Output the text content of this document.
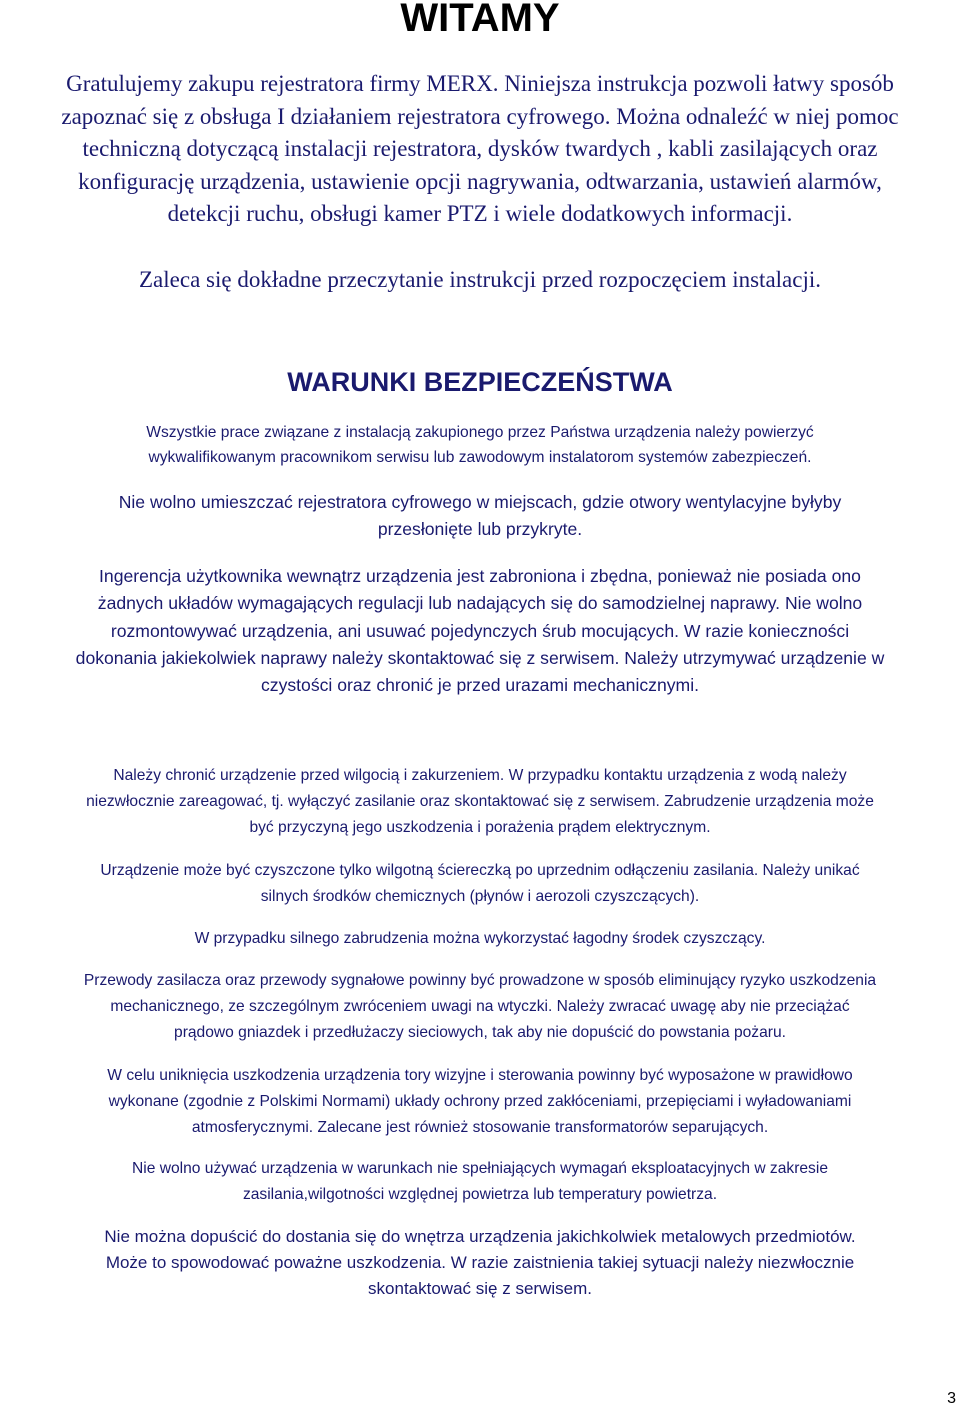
WITAMY
Gratulujemy zakupu rejestratora firmy MERX. Niniejsza instrukcja pozwoli łatwy sposób
zapoznać się z obsługa I działaniem rejestratora cyfrowego. Można odnaleźć w niej pomoc
techniczną dotyczącą instalacji rejestratora, dysków twardych , kabli zasilających oraz
konfigurację urządzenia, ustawienie opcji nagrywania, odtwarzania, ustawień alarmów,
detekcji ruchu, obsługi kamer PTZ i wiele dodatkowych informacji.
Zaleca się dokładne przeczytanie instrukcji przed rozpoczęciem instalacji.
WARUNKI BEZPIECZEŃSTWA
Wszystkie prace związane z instalacją zakupionego przez Państwa urządzenia należy powierzyć
wykwalifikowanym pracownikom serwisu lub zawodowym instalatorom systemów zabezpieczeń.
Nie wolno umieszczać rejestratora cyfrowego w miejscach, gdzie otwory wentylacyjne byłyby
przesłonięte lub przykryte.
Ingerencja użytkownika wewnątrz urządzenia jest zabroniona i zbędna, ponieważ nie posiada ono
żadnych układów wymagających regulacji lub nadających się do samodzielnej naprawy. Nie wolno
rozmontowywać urządzenia, ani usuwać pojedynczych śrub mocujących. W razie konieczności
dokonania jakiekolwiek naprawy należy skontaktować się z serwisem. Należy utrzymywać urządzenie w
czystości oraz chronić je przed urazami mechanicznymi.
Należy chronić urządzenie przed wilgocią i zakurzeniem. W przypadku kontaktu urządzenia z wodą należy
niezwłocznie zareagować, tj. wyłączyć zasilanie oraz skontaktować się z serwisem. Zabrudzenie urządzenia może
być przyczyną jego uszkodzenia i porażenia prądem elektrycznym.
Urządzenie może być czyszczone tylko wilgotną ściereczką po uprzednim odłączeniu zasilania. Należy unikać
silnych środków chemicznych (płynów i aerozoli czyszczących).
W przypadku silnego zabrudzenia można wykorzystać łagodny środek czyszczący.
Przewody zasilacza oraz przewody sygnałowe powinny być prowadzone w sposób eliminujący ryzyko uszkodzenia
mechanicznego, ze szczególnym zwróceniem uwagi na wtyczki. Należy zwracać uwagę aby nie przeciążać
prądowo gniazdek i przedłużaczy sieciowych, tak aby nie dopuścić do powstania pożaru.
W celu uniknięcia uszkodzenia urządzenia tory wizyjne i sterowania powinny być wyposażone w prawidłowo
wykonane (zgodnie z Polskimi Normami) układy ochrony przed zakłóceniami, przepięciami i wyładowaniami
atmosferycznymi. Zalecane jest również stosowanie transformatorów separujących.
Nie wolno używać urządzenia w warunkach nie spełniających wymagań eksploatacyjnych w zakresie
zasilania,wilgotności względnej powietrza lub temperatury powietrza.
Nie można dopuścić do dostania się do wnętrza urządzenia jakichkolwiek metalowych przedmiotów.
Może to spowodować poważne uszkodzenia. W razie zaistnienia takiej sytuacji należy niezwłocznie
skontaktować się z serwisem.
3
